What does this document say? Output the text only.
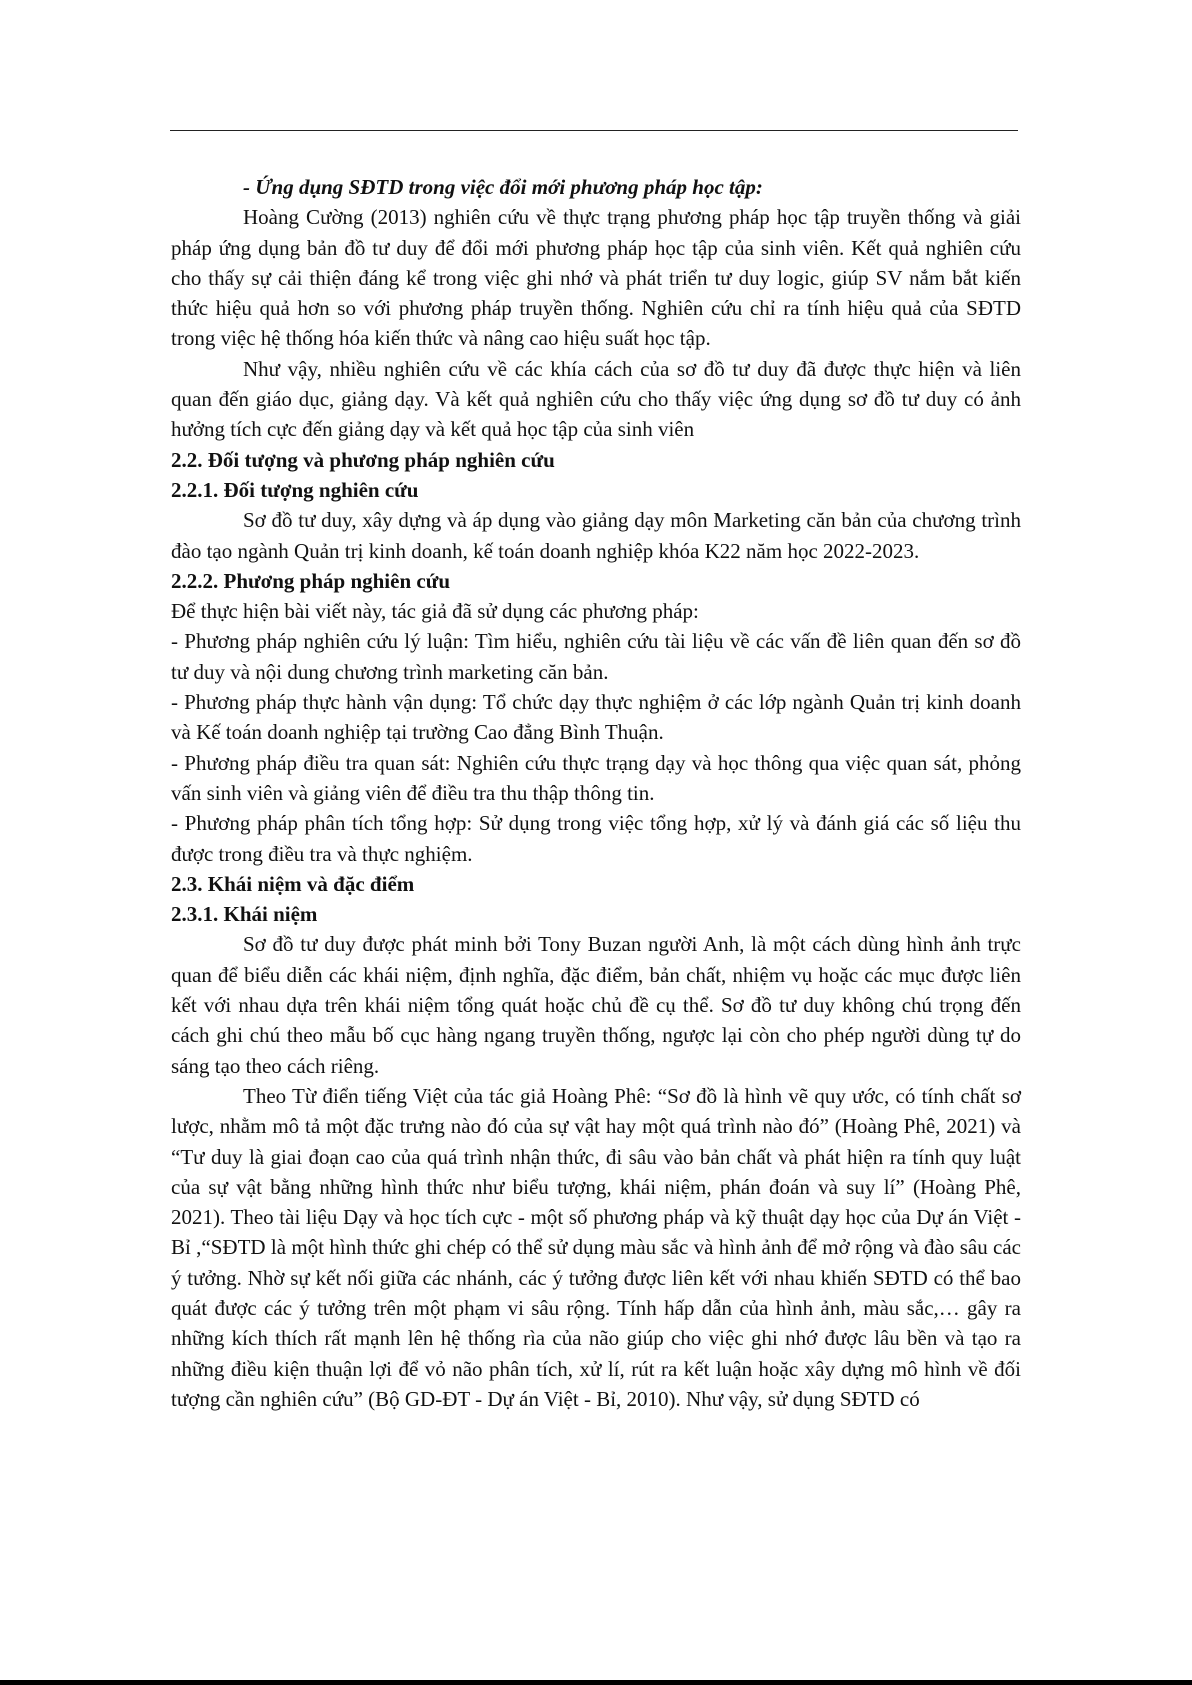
- Ứng dụng SĐTD trong việc đổi mới phương pháp học tập:

Hoàng Cường (2013) nghiên cứu về thực trạng phương pháp học tập truyền thống và giải pháp ứng dụng bản đồ tư duy để đổi mới phương pháp học tập của sinh viên. Kết quả nghiên cứu cho thấy sự cải thiện đáng kể trong việc ghi nhớ và phát triển tư duy logic, giúp SV nắm bắt kiến thức hiệu quả hơn so với phương pháp truyền thống. Nghiên cứu chỉ ra tính hiệu quả của SĐTD trong việc hệ thống hóa kiến thức và nâng cao hiệu suất học tập.

Như vậy, nhiều nghiên cứu về các khía cách của sơ đồ tư duy đã được thực hiện và liên quan đến giáo dục, giảng dạy. Và kết quả nghiên cứu cho thấy việc ứng dụng sơ đồ tư duy có ảnh hưởng tích cực đến giảng dạy và kết quả học tập của sinh viên

2.2. Đối tượng và phương pháp nghiên cứu

2.2.1. Đối tượng nghiên cứu

Sơ đồ tư duy, xây dựng và áp dụng vào giảng dạy môn Marketing căn bản của chương trình đào tạo ngành Quản trị kinh doanh, kế toán doanh nghiệp khóa K22 năm học 2022-2023.

2.2.2. Phương pháp nghiên cứu

Để thực hiện bài viết này, tác giả đã sử dụng các phương pháp:

- Phương pháp nghiên cứu lý luận: Tìm hiểu, nghiên cứu tài liệu về các vấn đề liên quan đến sơ đồ tư duy và nội dung chương trình marketing căn bản.

- Phương pháp thực hành vận dụng: Tổ chức dạy thực nghiệm ở các lớp ngành Quản trị kinh doanh và Kế toán doanh nghiệp tại trường Cao đẳng Bình Thuận.

- Phương pháp điều tra quan sát: Nghiên cứu thực trạng dạy và học thông qua việc quan sát, phỏng vấn sinh viên và giảng viên để điều tra thu thập thông tin.

- Phương pháp phân tích tổng hợp: Sử dụng trong việc tổng hợp, xử lý và đánh giá các số liệu thu được trong điều tra và thực nghiệm.

2.3. Khái niệm và đặc điểm

2.3.1. Khái niệm

Sơ đồ tư duy được phát minh bởi Tony Buzan người Anh, là một cách dùng hình ảnh trực quan để biểu diễn các khái niệm, định nghĩa, đặc điểm, bản chất, nhiệm vụ hoặc các mục được liên kết với nhau dựa trên khái niệm tổng quát hoặc chủ đề cụ thể. Sơ đồ tư duy không chú trọng đến cách ghi chú theo mẫu bố cục hàng ngang truyền thống, ngược lại còn cho phép người dùng tự do sáng tạo theo cách riêng.

Theo Từ điển tiếng Việt của tác giả Hoàng Phê: “Sơ đồ là hình vẽ quy ước, có tính chất sơ lược, nhằm mô tả một đặc trưng nào đó của sự vật hay một quá trình nào đó” (Hoàng Phê, 2021) và “Tư duy là giai đoạn cao của quá trình nhận thức, đi sâu vào bản chất và phát hiện ra tính quy luật của sự vật bằng những hình thức như biểu tượng, khái niệm, phán đoán và suy lí” (Hoàng Phê, 2021). Theo tài liệu Dạy và học tích cực - một số phương pháp và kỹ thuật dạy học của Dự án Việt - Bỉ ,“SĐTD là một hình thức ghi chép có thể sử dụng màu sắc và hình ảnh để mở rộng và đào sâu các ý tưởng. Nhờ sự kết nối giữa các nhánh, các ý tưởng được liên kết với nhau khiến SĐTD có thể bao quát được các ý tưởng trên một phạm vi sâu rộng. Tính hấp dẫn của hình ảnh, màu sắc,… gây ra những kích thích rất mạnh lên hệ thống rìa của não giúp cho việc ghi nhớ được lâu bền và tạo ra những điều kiện thuận lợi để vỏ não phân tích, xử lí, rút ra kết luận hoặc xây dựng mô hình về đối tượng cần nghiên cứu” (Bộ GD-ĐT - Dự án Việt - Bỉ, 2010). Như vậy, sử dụng SĐTD có
